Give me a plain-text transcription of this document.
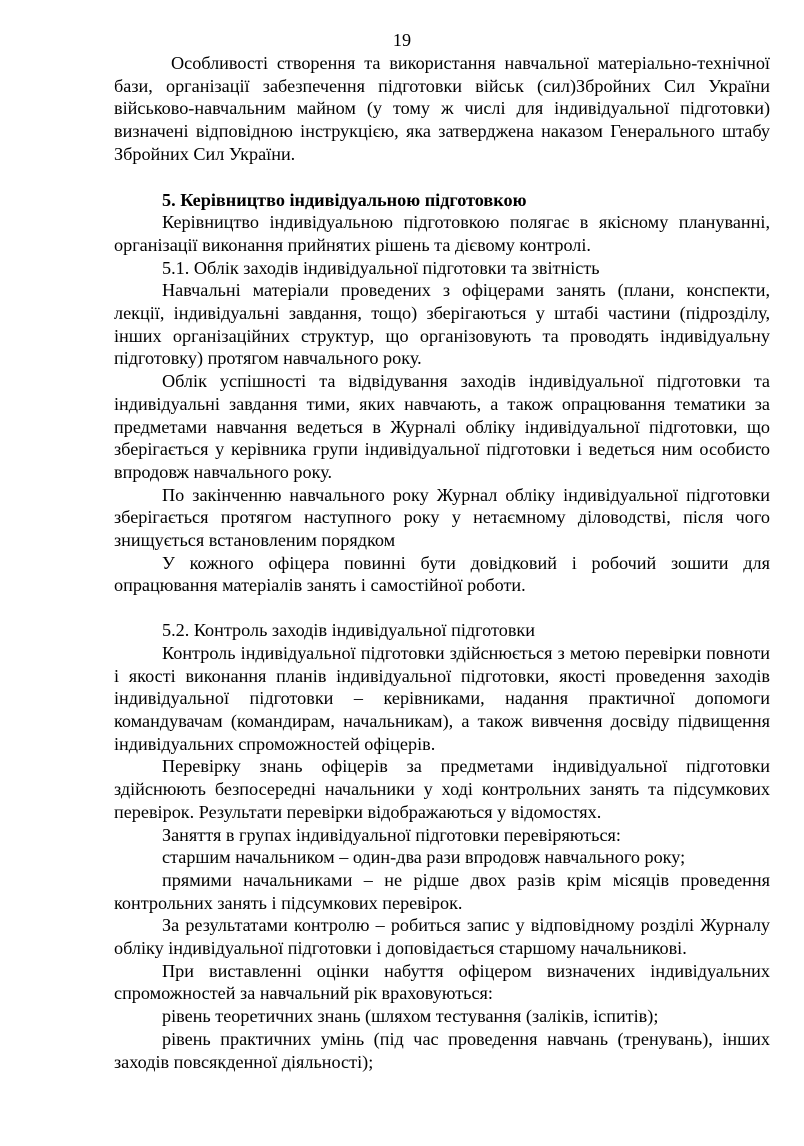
19

Особливості створення та використання навчальної матеріально-технічної бази, організації забезпечення підготовки військ (сил)Збройних Сил України військово-навчальним майном (у тому ж числі для індивідуальної підготовки) визначені відповідною інструкцією, яка затверджена наказом Генерального штабу Збройних Сил України.

5. Керівництво індивідуальною підготовкою

Керівництво індивідуальною підготовкою полягає в якісному плануванні, організації виконання прийнятих рішень та дієвому контролі.

5.1. Облік заходів індивідуальної підготовки та звітність

Навчальні матеріали проведених з офіцерами занять (плани, конспекти, лекції, індивідуальні завдання, тощо) зберігаються у штабі частини (підрозділу, інших організаційних структур, що організовують та проводять індивідуальну підготовку) протягом навчального року.

Облік успішності та відвідування заходів індивідуальної підготовки та індивідуальні завдання тими, яких навчають, а також опрацювання тематики за предметами навчання ведеться в Журналі обліку індивідуальної підготовки, що зберігається у керівника групи індивідуальної підготовки і ведеться ним особисто впродовж навчального року.

По закінченню навчального року Журнал обліку індивідуальної підготовки зберігається протягом наступного року у нетаємному діловодстві, після чого знищується встановленим порядком

У кожного офіцера повинні бути довідковий і робочий зошити для опрацювання матеріалів занять і самостійної роботи.

5.2. Контроль заходів індивідуальної підготовки

Контроль індивідуальної підготовки здійснюється з метою перевірки повноти і якості виконання планів індивідуальної підготовки, якості проведення заходів індивідуальної підготовки – керівниками, надання практичної допомоги командувачам (командирам, начальникам), а також вивчення досвіду підвищення індивідуальних спроможностей офіцерів.

Перевірку знань офіцерів за предметами індивідуальної підготовки здійснюють безпосередні начальники у ході контрольних занять та підсумкових перевірок. Результати перевірки відображаються у відомостях.

Заняття в групах індивідуальної підготовки перевіряються:

старшим начальником – один-два рази впродовж навчального року;

прямими начальниками – не рідше двох разів крім місяців проведення контрольних занять і підсумкових перевірок.

За результатами контролю – робиться запис у відповідному розділі Журналу обліку індивідуальної підготовки і доповідається старшому начальникові.

При виставленні оцінки набуття офіцером визначених індивідуальних спроможностей за навчальний рік враховуються:

рівень теоретичних знань (шляхом тестування (заліків, іспитів);

рівень практичних умінь (під час проведення навчань (тренувань), інших заходів повсякденної діяльності);
